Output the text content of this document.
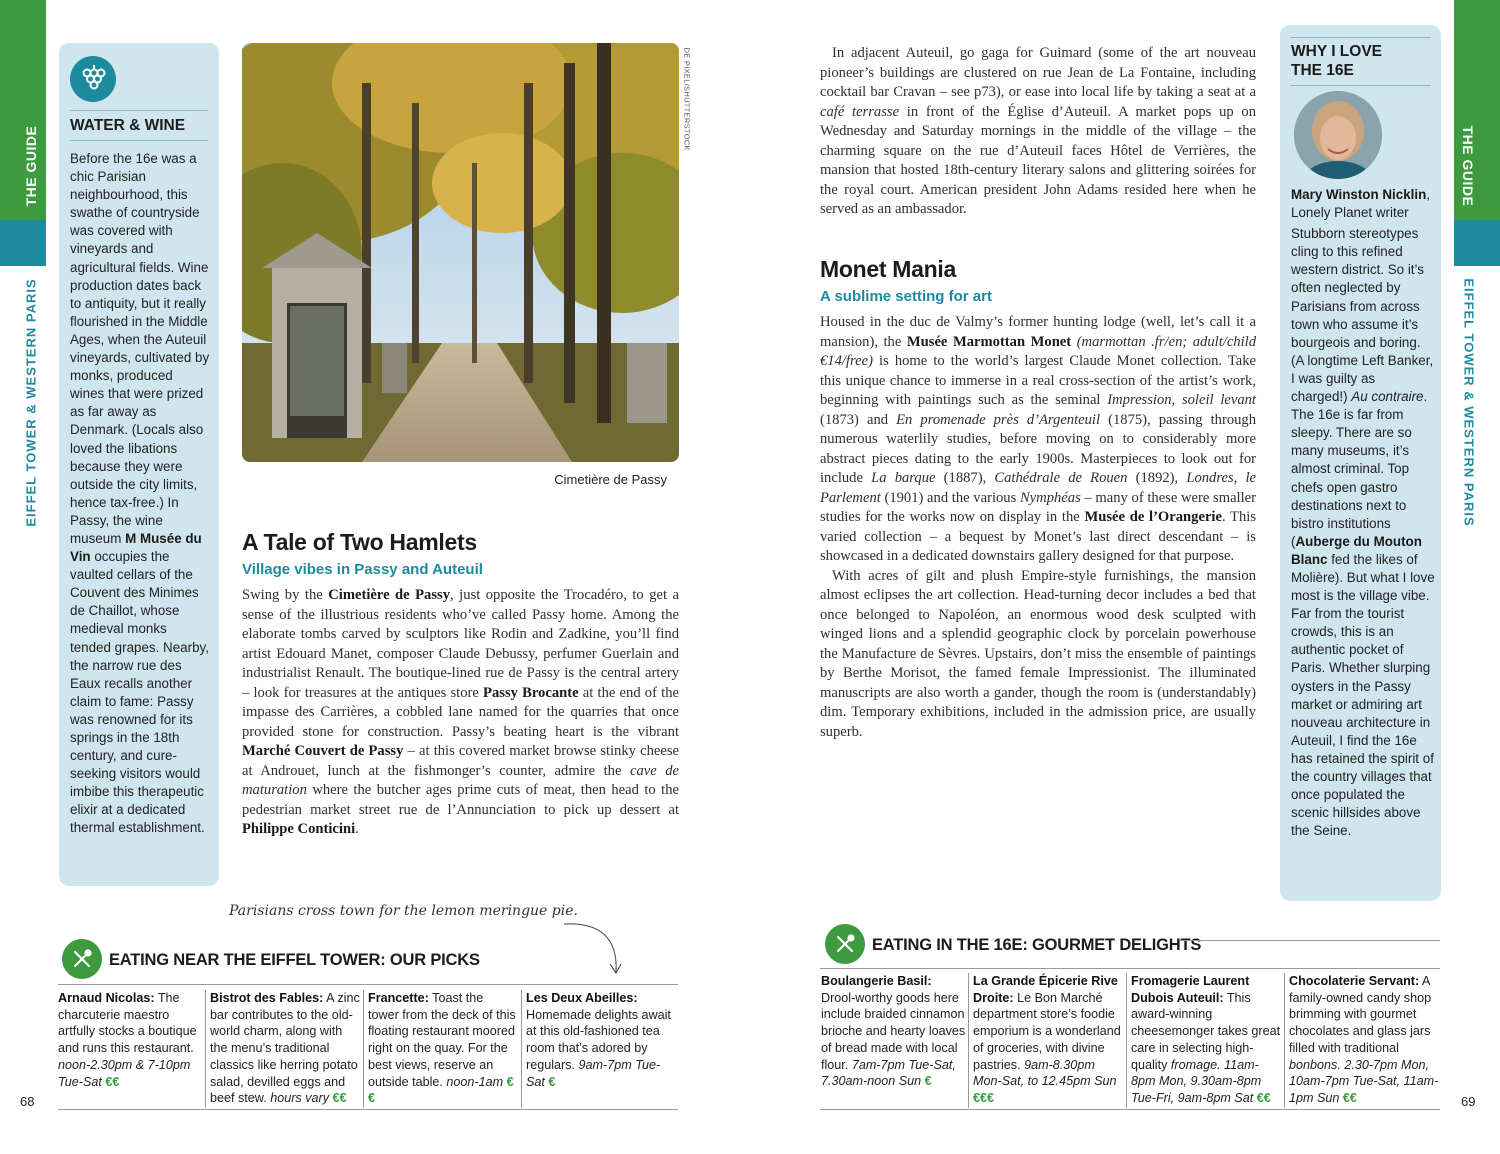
THE GUIDE
EIFFEL TOWER & WESTERN PARIS
THE GUIDE
EIFFEL TOWER & WESTERN PARIS
WATER & WINE
Before the 16e was a chic Parisian neighbourhood, this swathe of countryside was covered with vineyards and agricultural fields. Wine production dates back to antiquity, but it really flourished in the Middle Ages, when the Auteuil vineyards, cultivated by monks, produced wines that were prized as far away as Denmark. (Locals also loved the libations because they were outside the city limits, hence tax-free.) In Passy, the wine museum M Musée du Vin occupies the vaulted cellars of the Couvent des Minimes de Chaillot, whose medieval monks tended grapes. Nearby, the narrow rue des Eaux recalls another claim to fame: Passy was renowned for its springs in the 18th century, and cure-seeking visitors would imbibe this therapeutic elixir at a dedicated thermal establishment.
DE PIXEL/SHUTTERSTOCK
Cimetière de Passy
A Tale of Two Hamlets
Village vibes in Passy and Auteuil

Swing by the Cimetière de Passy, just opposite the Trocadéro, to get a sense of the illustrious residents who’ve called Passy home. Among the elaborate tombs carved by sculptors like Rodin and Zadkine, you’ll find artist Edouard Manet, composer Claude Debussy, perfumer Guerlain and industrialist Renault. The boutique-lined rue de Passy is the central artery – look for treasures at the antiques store Passy Brocante at the end of the impasse des Carrières, a cobbled lane named for the quarries that once provided stone for construction. Passy’s beating heart is the vibrant Marché Couvert de Passy – at this covered market browse stinky cheese at Androuet, lunch at the fishmonger’s counter, admire the cave de maturation where the butcher ages prime cuts of meat, then head to the pedestrian market street rue de l’Annunciation to pick up dessert at Philippe Conticini.

Parisians cross town for the lemon meringue pie.
EATING NEAR THE EIFFEL TOWER: OUR PICKS
Arnaud Nicolas: The charcuterie maestro artfully stocks a boutique and runs this restaurant. noon-2.30pm & 7-10pm Tue-Sat €€
Bistrot des Fables: A zinc bar contributes to the old-world charm, along with the menu’s traditional classics like herring potato salad, devilled eggs and beef stew. hours vary €€
Francette: Toast the tower from the deck of this floating restaurant moored right on the quay. For the best views, reserve an outside table. noon-1am €€
Les Deux Abeilles: Homemade delights await at this old-fashioned tea room that’s adored by regulars. 9am-7pm Tue-Sat €
68

In adjacent Auteuil, go gaga for Guimard (some of the art nouveau pioneer’s buildings are clustered on rue Jean de La Fontaine, including cocktail bar Cravan – see p73), or ease into local life by taking a seat at a café terrasse in front of the Église d’Auteuil. A market pops up on Wednesday and Saturday mornings in the middle of the village – the charming square on the rue d’Auteuil faces Hôtel de Verrières, the mansion that hosted 18th-century literary salons and glittering soirées for the royal court. American president John Adams resided here when he served as an ambassador.

Monet Mania
A sublime setting for art

Housed in the duc de Valmy’s former hunting lodge (well, let’s call it a mansion), the Musée Marmottan Monet (marmottan .fr/en; adult/child €14/free) is home to the world’s largest Claude Monet collection. Take this unique chance to immerse in a real cross-section of the artist’s work, beginning with paintings such as the seminal Impression, soleil levant (1873) and En promenade près d’Argenteuil (1875), passing through numerous waterlily studies, before moving on to considerably more abstract pieces dating to the early 1900s. Masterpieces to look out for include La barque (1887), Cathédrale de Rouen (1892), Londres, le Parlement (1901) and the various Nymphéas – many of these were smaller studies for the works now on display in the Musée de l’Orangerie. This varied collection – a bequest by Monet’s last direct descendant – is showcased in a dedicated downstairs gallery designed for that purpose.

With acres of gilt and plush Empire-style furnishings, the mansion almost eclipses the art collection. Head-turning decor includes a bed that once belonged to Napoléon, an enormous wood desk sculpted with winged lions and a splendid geographic clock by porcelain powerhouse the Manufacture de Sèvres. Upstairs, don’t miss the ensemble of paintings by Berthe Morisot, the famed female Impressionist. The illuminated manuscripts are also worth a gander, though the room is (understandably) dim. Temporary exhibitions, included in the admission price, are usually superb.

WHY I LOVE THE 16E
Mary Winston Nicklin, Lonely Planet writer
Stubborn stereotypes cling to this refined western district. So it’s often neglected by Parisians from across town who assume it’s bourgeois and boring. (A longtime Left Banker, I was guilty as charged!) Au contraire. The 16e is far from sleepy. There are so many museums, it’s almost criminal. Top chefs open gastro destinations next to bistro institutions (Auberge du Mouton Blanc fed the likes of Molière). But what I love most is the village vibe. Far from the tourist crowds, this is an authentic pocket of Paris. Whether slurping oysters in the Passy market or admiring art nouveau architecture in Auteuil, I find the 16e has retained the spirit of the country villages that once populated the scenic hillsides above the Seine.
EATING IN THE 16E: GOURMET DELIGHTS
Boulangerie Basil: Drool-worthy goods here include braided cinnamon brioche and hearty loaves of bread made with local flour. 7am-7pm Tue-Sat, 7.30am-noon Sun €
La Grande Épicerie Rive Droite: Le Bon Marché department store’s foodie emporium is a wonderland of groceries, with divine pastries. 9am-8.30pm Mon-Sat, to 12.45pm Sun €€€
Fromagerie Laurent Dubois Auteuil: This award-winning cheesemonger takes great care in selecting high-quality fromage. 11am-8pm Mon, 9.30am-8pm Tue-Fri, 9am-8pm Sat €€
Chocolaterie Servant: A family-owned candy shop brimming with gourmet chocolates and glass jars filled with traditional bonbons. 2.30-7pm Mon, 10am-7pm Tue-Sat, 11am-1pm Sun €€	69
